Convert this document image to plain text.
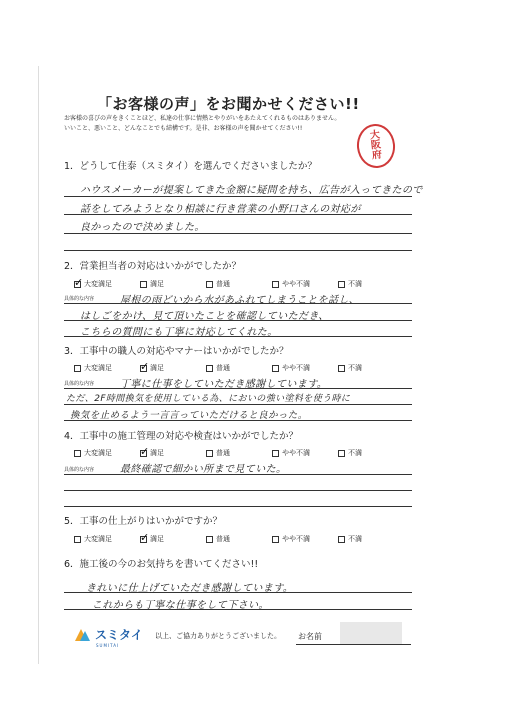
「お客様の声」をお聞かせください!!
お客様の喜びの声をきくことほど、私達の仕事に情熱とやりがいをあたえてくれるものはありません。
いいこと、悪いこと、どんなことでも結構です。是非、お客様の声を聞かせてください!!
大
阪
府
1．どうして住泰（スミタイ）を選んでくださいましたか？
ハウスメーカーが提案してきた金額に疑問を持ち、広告が入ってきたので
話をしてみようとなり相談に行き営業の小野口さんの対応が
良かったので決めました。
2．営業担当者の対応はいかがでしたか？
✓
大変満足	満足	普通	やや不満	不満
具体的な内容	屋根の雨どいから水があふれてしまうことを話し、
はしごをかけ、見て頂いたことを確認していただき、
こちらの質問にも丁寧に対応してくれた。
3．工事中の職人の対応やマナーはいかがでしたか？
大変満足 ✓	満足	普通	やや不満	不満
具体的な内容	丁寧に仕事をしていただき感謝しています。
ただ、2F時間換気を使用している為、においの強い塗料を使う時に
換気を止めるよう一言言っていただけると良かった。
4．工事中の施工管理の対応や検査はいかがでしたか？
大変満足 ✓	満足	普通	やや不満	不満
具体的な内容	最終確認で細かい所まで見ていた。
5．工事の仕上がりはいかがですか？
大変満足 ✓	満足	普通	やや不満	不満
6．施工後の今のお気持ちを書いてください!!
きれいに仕上げていただき感謝しています。
これからも丁寧な仕事をして下さい。
スミタイ
SUMITAI
以上、ご協力ありがとうございました。 お名前
